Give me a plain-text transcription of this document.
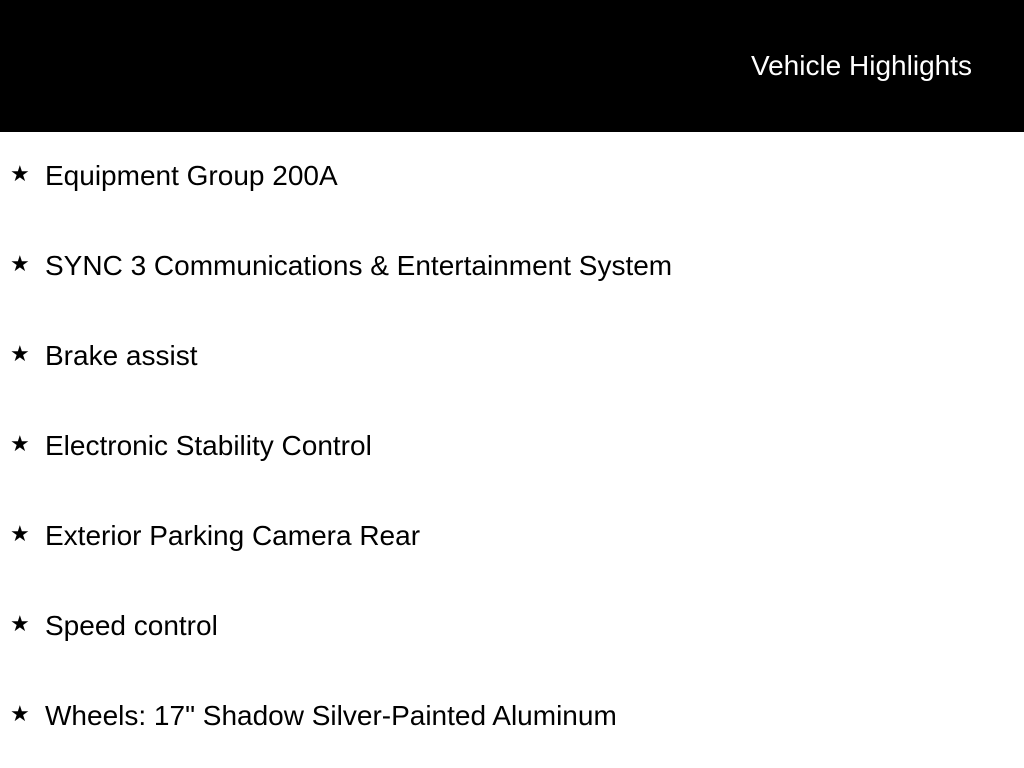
Vehicle Highlights
★ Equipment Group 200A
★ SYNC 3 Communications & Entertainment System
★ Brake assist
★ Electronic Stability Control
★ Exterior Parking Camera Rear
★ Speed control
★ Wheels: 17" Shadow Silver-Painted Aluminum
